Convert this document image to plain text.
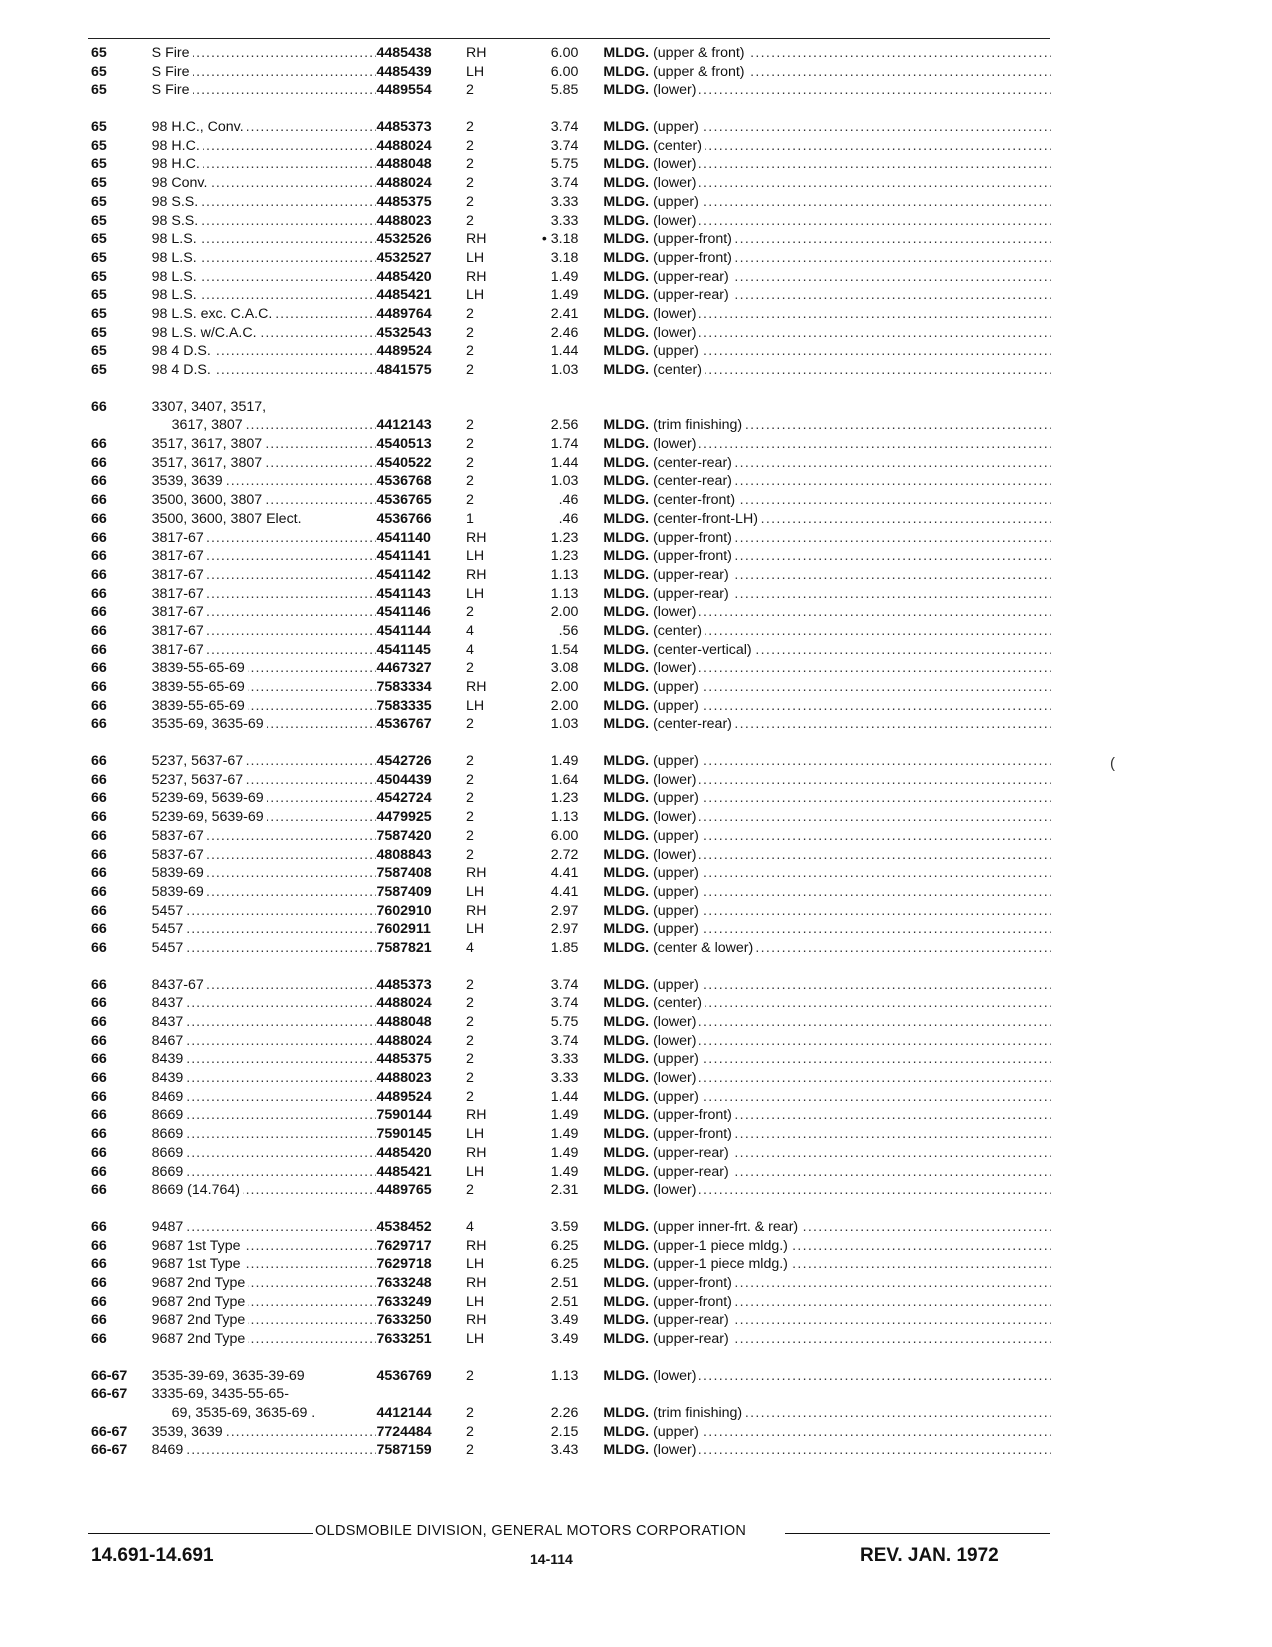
65	S Fire .....	4485438	RH	6.00	MLDG. (upper & front) .....
65	S Fire .....	4485439	LH	6.00	MLDG. (upper & front) .....
65	S Fire .....	4489554	2	5.85	MLDG. (lower) .....
65	98 H.C., Conv. .....	4485373	2	3.74	MLDG. (upper) .....
65	98 H.C. .....	4488024	2	3.74	MLDG. (center) .....
65	98 H.C. .....	4488048	2	5.75	MLDG. (lower) .....
65	98 Conv. .....	4488024	2	3.74	MLDG. (lower) .....
65	98 S.S. .....	4485375	2	3.33	MLDG. (upper) .....
65	98 S.S. .....	4488023	2	3.33	MLDG. (lower) .....
65	98 L.S. .....	4532526	RH	• 3.18	MLDG. (upper-front) .....
65	98 L.S. .....	4532527	LH	3.18	MLDG. (upper-front) .....
65	98 L.S. .....	4485420	RH	1.49	MLDG. (upper-rear) .....
65	98 L.S. .....	4485421	LH	1.49	MLDG. (upper-rear) .....
65	98 L.S. exc. C.A.C. .....	4489764	2	2.41	MLDG. (lower) .....
65	98 L.S. w/C.A.C. .....	4532543	2	2.46	MLDG. (lower) .....
65	98 4 D.S. .....	4489524	2	1.44	MLDG. (upper) .....
65	98 4 D.S. .....	4841575	2	1.03	MLDG. (center) .....
66	3307, 3407, 3517,
3617, 3807 .....	4412143	2	2.56	MLDG. (trim finishing) .....
66	3517, 3617, 3807 .....	4540513	2	1.74	MLDG. (lower) .....
66	3517, 3617, 3807 .....	4540522	2	1.44	MLDG. (center-rear) .....
66	3539, 3639 .....	4536768	2	1.03	MLDG. (center-rear) .....
66	3500, 3600, 3807 .....	4536765	2	.46	MLDG. (center-front) .....
66	3500, 3600, 3807 Elect.	4536766	1	.46	MLDG. (center-front-LH) .....
66	3817-67 .....	4541140	RH	1.23	MLDG. (upper-front) .....
66	3817-67 .....	4541141	LH	1.23	MLDG. (upper-front) .....
66	3817-67 .....	4541142	RH	1.13	MLDG. (upper-rear) .....
66	3817-67 .....	4541143	LH	1.13	MLDG. (upper-rear) .....
66	3817-67 .....	4541146	2	2.00	MLDG. (lower) .....
66	3817-67 .....	4541144	4	.56	MLDG. (center) .....
66	3817-67 .....	4541145	4	1.54	MLDG. (center-vertical) .....
66	3839-55-65-69 .....	4467327	2	3.08	MLDG. (lower) .....
66	3839-55-65-69 .....	7583334	RH	2.00	MLDG. (upper) .....
66	3839-55-65-69 .....	7583335	LH	2.00	MLDG. (upper) .....
66	3535-69, 3635-69 .....	4536767	2	1.03	MLDG. (center-rear) .....
66	5237, 5637-67 .....	4542726	2	1.49	MLDG. (upper) .....
66	5237, 5637-67 .....	4504439	2	1.64	MLDG. (lower) .....
66	5239-69, 5639-69 .....	4542724	2	1.23	MLDG. (upper) .....
66	5239-69, 5639-69 .....	4479925	2	1.13	MLDG. (lower) .....
66	5837-67 .....	7587420	2	6.00	MLDG. (upper) .....
66	5837-67 .....	4808843	2	2.72	MLDG. (lower) .....
66	5839-69 .....	7587408	RH	4.41	MLDG. (upper) .....
66	5839-69 .....	7587409	LH	4.41	MLDG. (upper) .....
66	5457 .....	7602910	RH	2.97	MLDG. (upper) .....
66	5457 .....	7602911	LH	2.97	MLDG. (upper) .....
66	5457 .....	7587821	4	1.85	MLDG. (center & lower) .....
66	8437-67 .....	4485373	2	3.74	MLDG. (upper) .....
66	8437 .....	4488024	2	3.74	MLDG. (center) .....
66	8437 .....	4488048	2	5.75	MLDG. (lower) .....
66	8467 .....	4488024	2	3.74	MLDG. (lower) .....
66	8439 .....	4485375	2	3.33	MLDG. (upper) .....
66	8439 .....	4488023	2	3.33	MLDG. (lower) .....
66	8469 .....	4489524	2	1.44	MLDG. (upper) .....
66	8669 .....	7590144	RH	1.49	MLDG. (upper-front) .....
66	8669 .....	7590145	LH	1.49	MLDG. (upper-front) .....
66	8669 .....	4485420	RH	1.49	MLDG. (upper-rear) .....
66	8669 .....	4485421	LH	1.49	MLDG. (upper-rear) .....
66	8669 (14.764) .....	4489765	2	2.31	MLDG. (lower) .....
66	9487 .....	4538452	4	3.59	MLDG. (upper inner-frt. & rear) .....
66	9687 1st Type .....	7629717	RH	6.25	MLDG. (upper-1 piece mldg.) .....
66	9687 1st Type .....	7629718	LH	6.25	MLDG. (upper-1 piece mldg.) .....
66	9687 2nd Type .....	7633248	RH	2.51	MLDG. (upper-front) .....
66	9687 2nd Type .....	7633249	LH	2.51	MLDG. (upper-front) .....
66	9687 2nd Type .....	7633250	RH	3.49	MLDG. (upper-rear) .....
66	9687 2nd Type .....	7633251	LH	3.49	MLDG. (upper-rear) .....
66-67	3535-39-69, 3635-39-69	4536769	2	1.13	MLDG. (lower) .....
66-67	3335-69, 3435-55-65-
69, 3535-69, 3635-69 .	4412144	2	2.26	MLDG. (trim finishing) .....
66-67	3539, 3639 .....	7724484	2	2.15	MLDG. (upper) .....
66-67	8469 .....	7587159	2	3.43	MLDG. (lower) .....
(
OLDSMOBILE DIVISION, GENERAL MOTORS CORPORATION
14.691-14.691	14-114	REV. JAN. 1972
